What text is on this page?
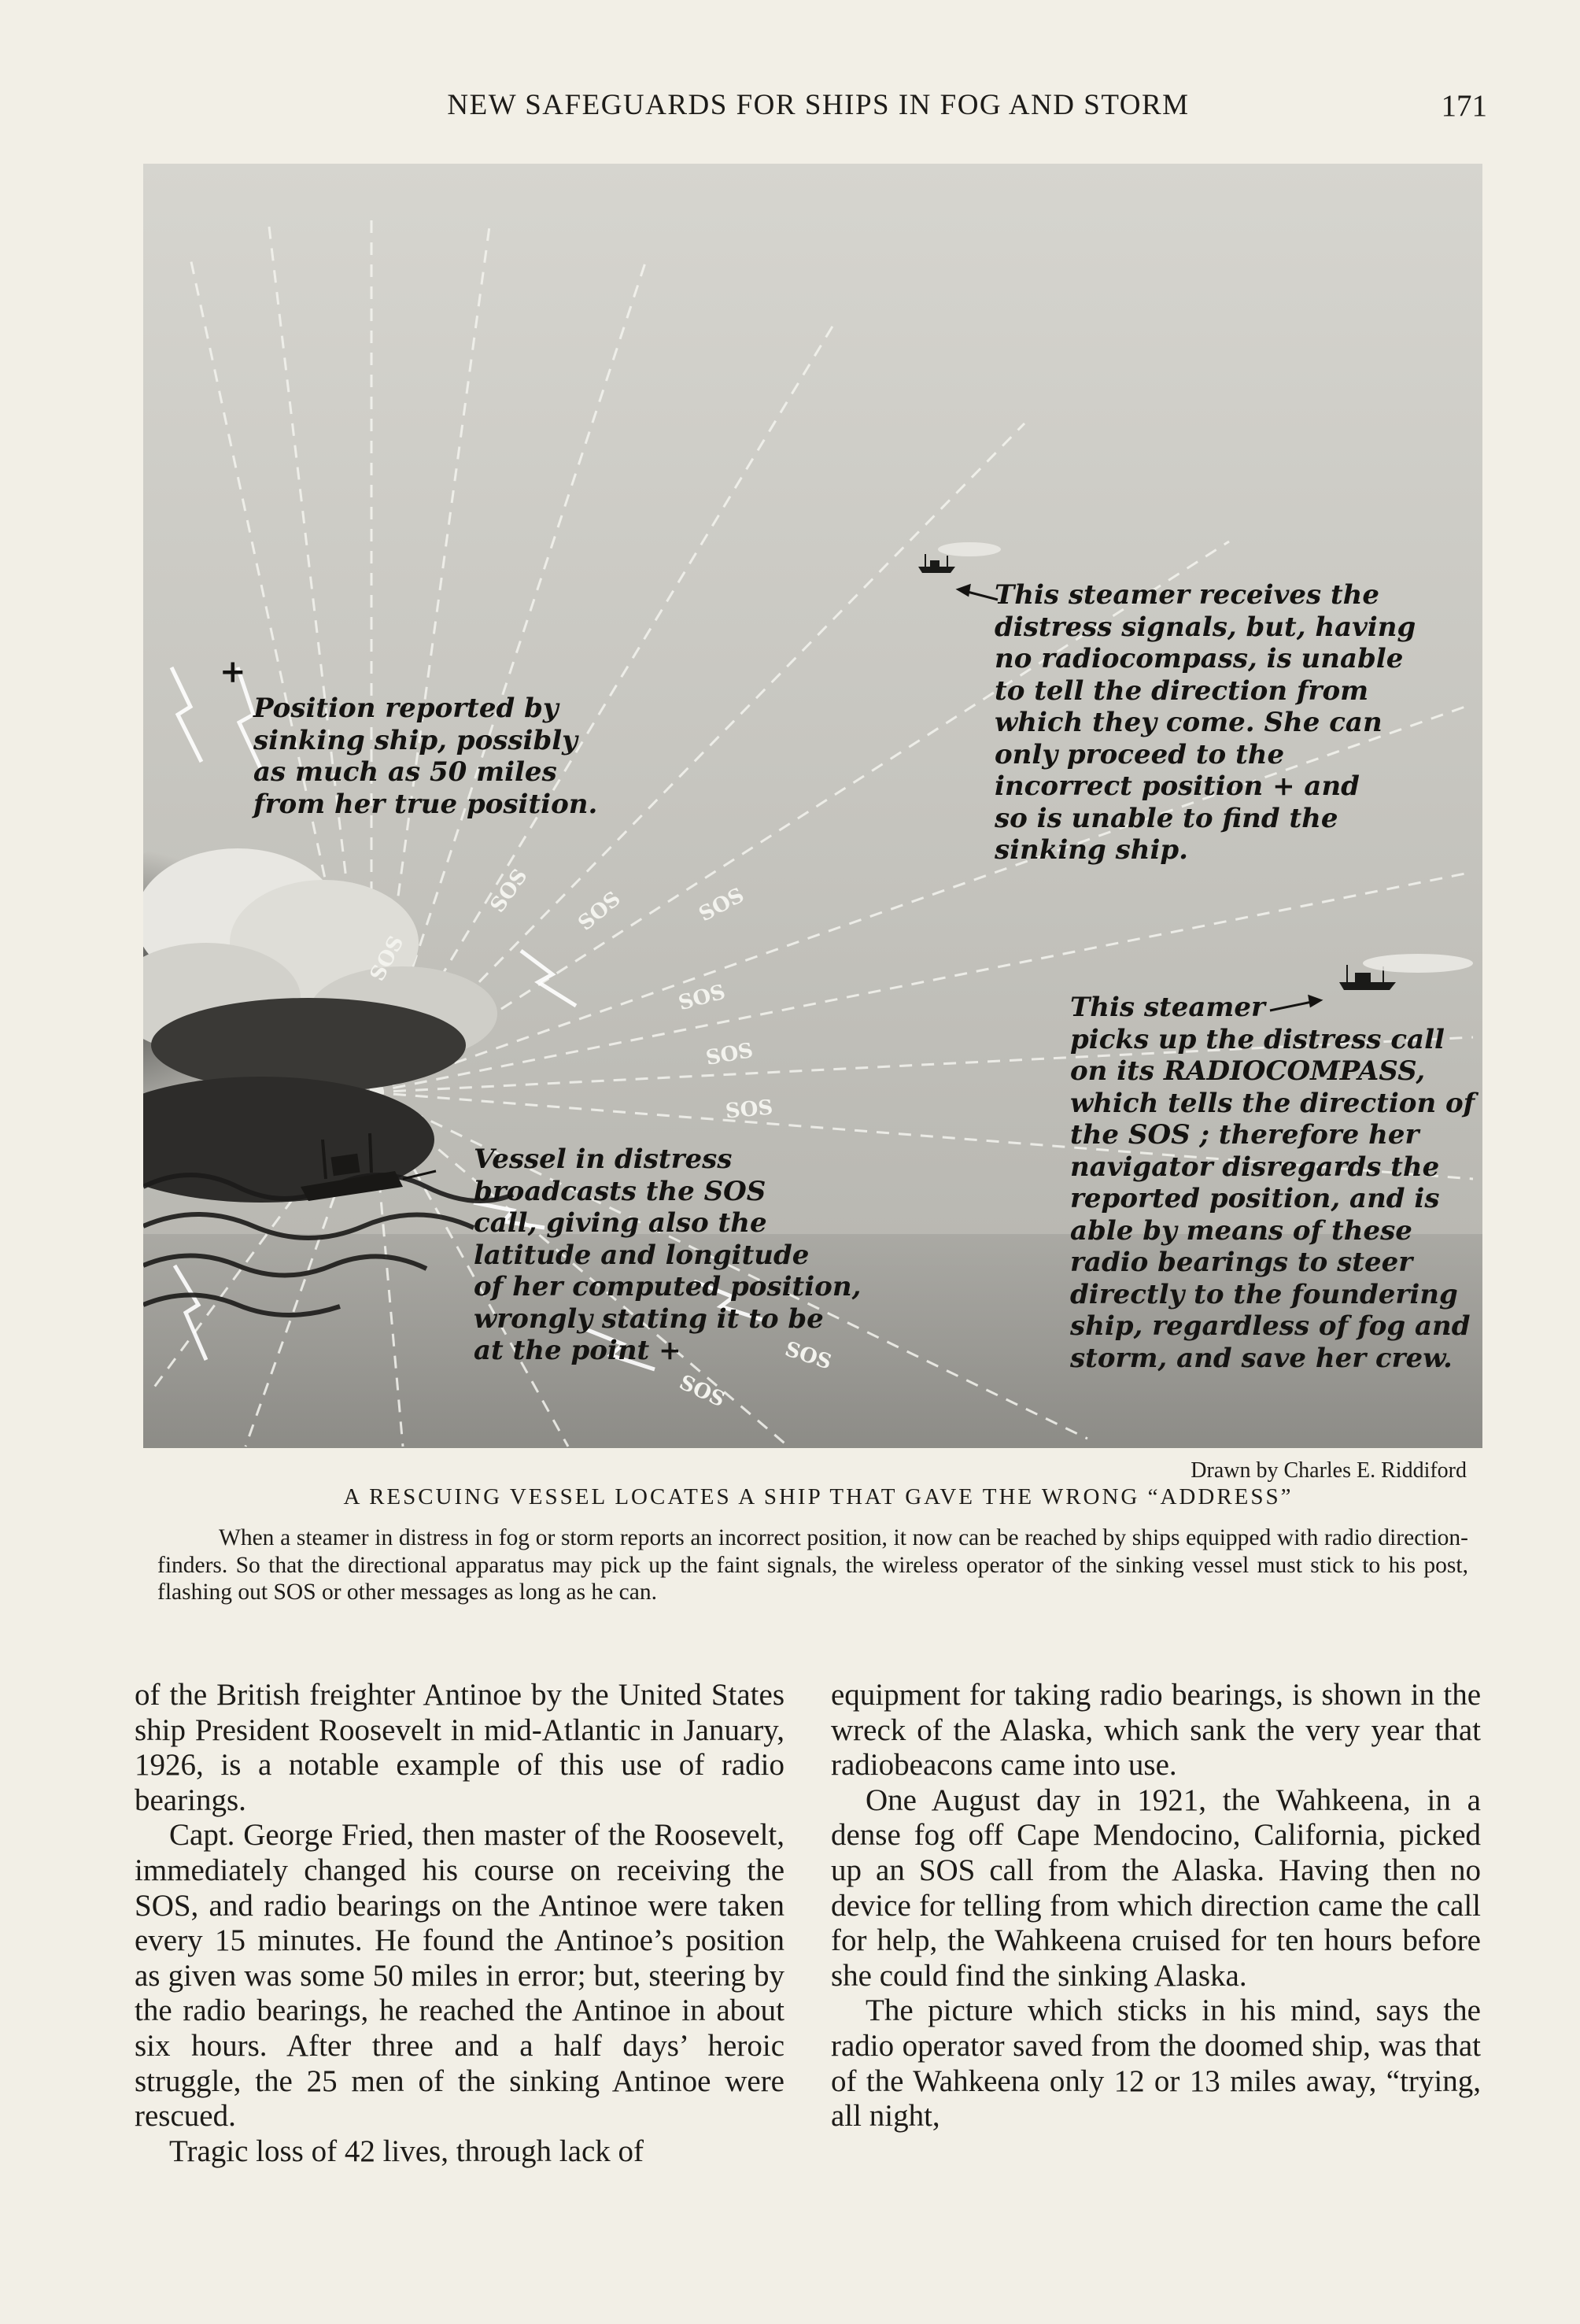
NEW SAFEGUARDS FOR SHIPS IN FOG AND STORM	171
SOS SOS	SOS
SOS
SOS
SOS
SOS
SOS
SOS
+
Position reported by
sinking ship, possibly
as much as 50 miles
from her true position.
This steamer receives the
distress signals, but, having
no radiocompass, is unable
to tell the direction from
which they come. She can
only proceed to the
incorrect position + and
so is unable to find the
sinking ship.
This steamer
picks up the distress call
on its RADIOCOMPASS,
which tells the direction of
the SOS ; therefore her
navigator disregards the
reported position, and is
able by means of these
radio bearings to steer
directly to the foundering
ship, regardless of fog and
storm, and save her crew.
Vessel in distress
broadcasts the SOS
call, giving also the
latitude and longitude
of her computed position,
wrongly stating it to be
at the point +
Drawn by Charles E. Riddiford
A RESCUING VESSEL LOCATES A SHIP THAT GAVE THE WRONG “ADDRESS”
When a steamer in distress in fog or storm reports an incorrect position, it now can be reached by ships equipped with radio direction-finders. So that the directional apparatus may pick up the faint signals, the wireless operator of the sinking vessel must stick to his post, flashing out SOS or other messages as long as he can.

of the British freighter Antinoe by the United States ship President Roosevelt in mid-Atlantic in January, 1926, is a notable example of this use of radio bearings.

Capt. George Fried, then master of the Roosevelt, immediately changed his course on receiving the SOS, and radio bearings on the Antinoe were taken every 15 minutes. He found the Antinoe’s position as given was some 50 miles in error; but, steering by the radio bearings, he reached the Antinoe in about six hours. After three and a half days’ heroic struggle, the 25 men of the sinking Antinoe were rescued.

Tragic loss of 42 lives, through lack of

equipment for taking radio bearings, is shown in the wreck of the Alaska, which sank the very year that radiobeacons came into use.

One August day in 1921, the Wahkeena, in a dense fog off Cape Mendocino, California, picked up an SOS call from the Alaska. Having then no device for telling from which direction came the call for help, the Wahkeena cruised for ten hours before she could find the sinking Alaska.

The picture which sticks in his mind, says the radio operator saved from the doomed ship, was that of the Wahkeena only 12 or 13 miles away, “trying, all night,
